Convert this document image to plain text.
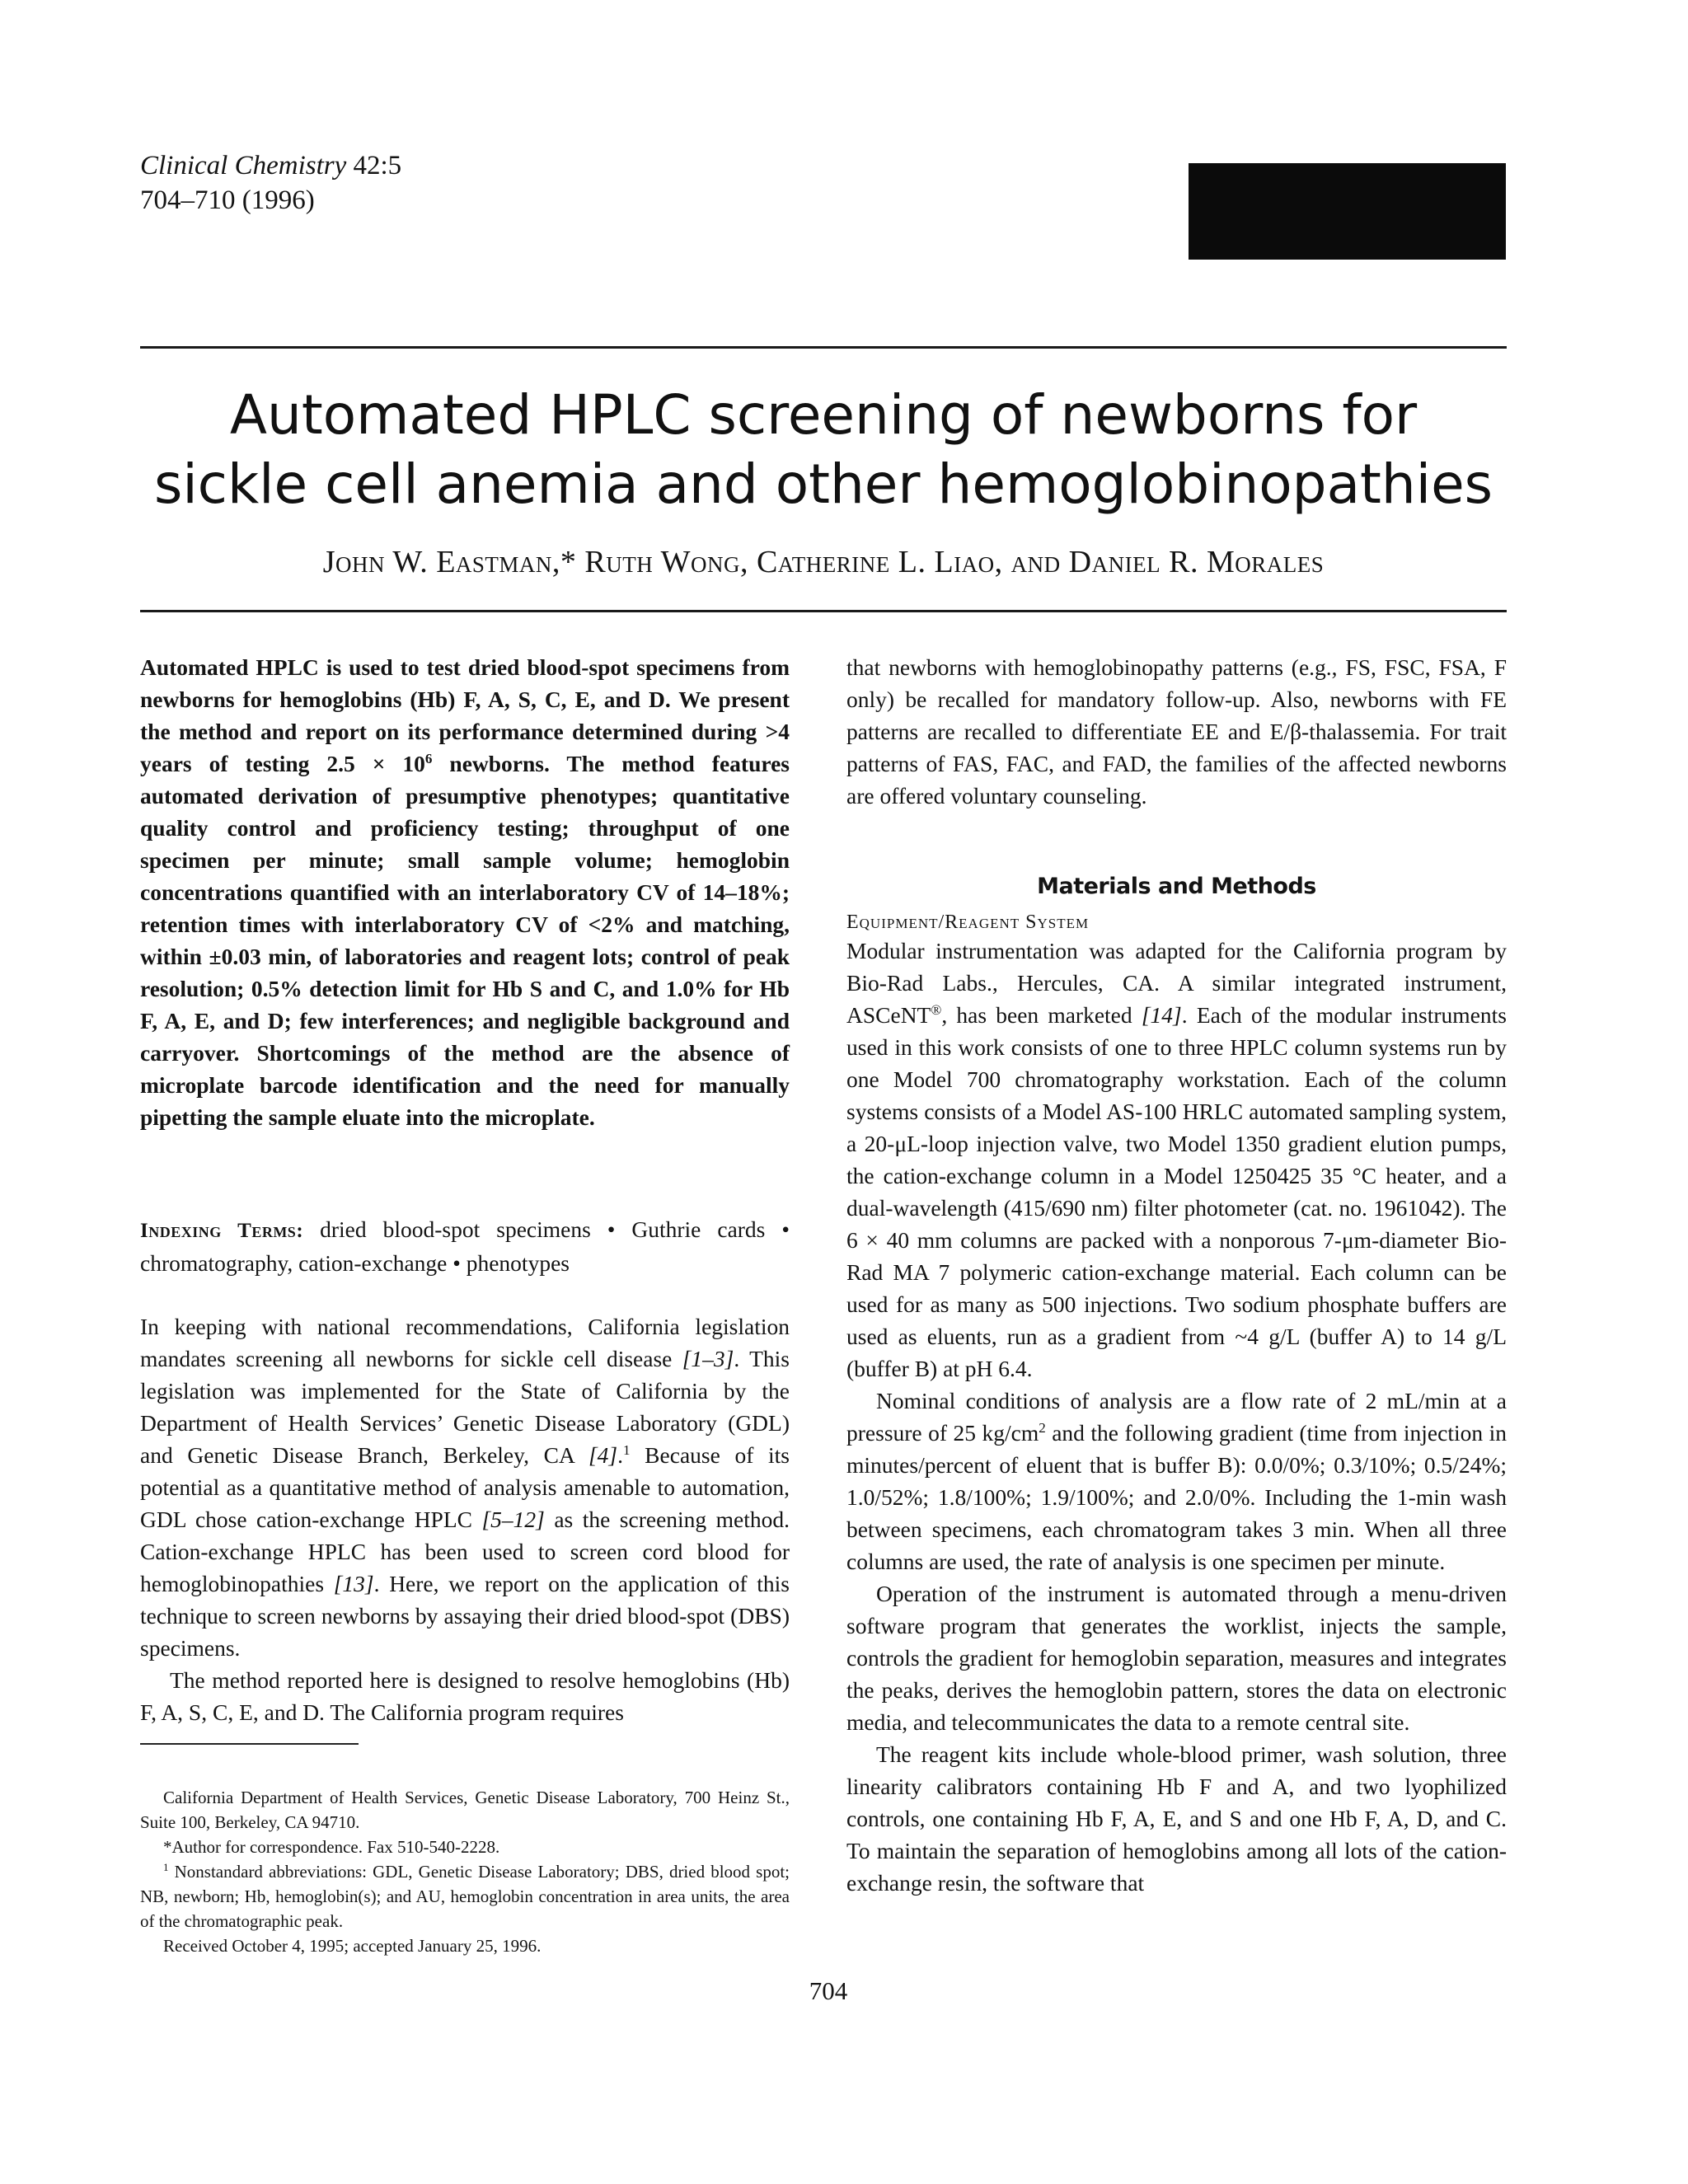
Clinical Chemistry 42:5
704–710 (1996)
Automated HPLC screening of newborns for
sickle cell anemia and other hemoglobinopathies
John W. Eastman,* Ruth Wong, Catherine L. Liao, and Daniel R. Morales

Automated HPLC is used to test dried blood-spot specimens from newborns for hemoglobins (Hb) F, A, S, C, E, and D. We present the method and report on its performance determined during >4 years of testing $2.5 \times 10^6$ newborns. The method features automated derivation of presumptive phenotypes; quantitative quality control and proficiency testing; throughput of one specimen per minute; small sample volume; hemoglobin concentrations quantified with an interlaboratory CV of 14–18%; retention times with interlaboratory CV of <2% and matching, within ±0.03 min, of laboratories and reagent lots; control of peak resolution; 0.5% detection limit for Hb S and C, and 1.0% for Hb F, A, E, and D; few interferences; and negligible background and carryover. Shortcomings of the method are the absence of microplate barcode identification and the need for manually pipetting the sample eluate into the microplate.

Indexing Terms: dried blood-spot specimens • Guthrie cards • chromatography, cation-exchange • phenotypes

In keeping with national recommendations, California legislation mandates screening all newborns for sickle cell disease [1–3]. This legislation was implemented for the State of California by the Department of Health Services’ Genetic Disease Laboratory (GDL) and Genetic Disease Branch, Berkeley, CA [4].$^1$ Because of its potential as a quantitative method of analysis amenable to automation, GDL chose cation-exchange HPLC [5–12] as the screening method. Cation-exchange HPLC has been used to screen cord blood for hemoglobinopathies [13]. Here, we report on the application of this technique to screen newborns by assaying their dried blood-spot (DBS) specimens.

The method reported here is designed to resolve hemoglobins (Hb) F, A, S, C, E, and D. The California program requires

California Department of Health Services, Genetic Disease Laboratory, 700 Heinz St., Suite 100, Berkeley, CA 94710.

*Author for correspondence. Fax 510-540-2228.

$^1$ Nonstandard abbreviations: GDL, Genetic Disease Laboratory; DBS, dried blood spot; NB, newborn; Hb, hemoglobin(s); and AU, hemoglobin concentration in area units, the area of the chromatographic peak.

Received October 4, 1995; accepted January 25, 1996.

that newborns with hemoglobinopathy patterns (e.g., FS, FSC, FSA, F only) be recalled for mandatory follow-up. Also, newborns with FE patterns are recalled to differentiate EE and E/β-thalassemia. For trait patterns of FAS, FAC, and FAD, the families of the affected newborns are offered voluntary counseling.

Materials and Methods
Equipment/Reagent System

Modular instrumentation was adapted for the California program by Bio-Rad Labs., Hercules, CA. A similar integrated instrument, ASCeNT®, has been marketed [14]. Each of the modular instruments used in this work consists of one to three HPLC column systems run by one Model 700 chromatography workstation. Each of the column systems consists of a Model AS-100 HRLC automated sampling system, a 20-μL-loop injection valve, two Model 1350 gradient elution pumps, the cation-exchange column in a Model 1250425 35 °C heater, and a dual-wavelength (415/690 nm) filter photometer (cat. no. 1961042). The 6 × 40 mm columns are packed with a nonporous 7-μm-diameter Bio-Rad MA 7 polymeric cation-exchange material. Each column can be used for as many as 500 injections. Two sodium phosphate buffers are used as eluents, run as a gradient from ~4 g/L (buffer A) to 14 g/L (buffer B) at pH 6.4.

Nominal conditions of analysis are a flow rate of 2 mL/min at a pressure of 25 $kg/cm^2$ and the following gradient (time from injection in minutes/percent of eluent that is buffer B): 0.0/0%; 0.3/10%; 0.5/24%; 1.0/52%; 1.8/100%; 1.9/100%; and 2.0/0%. Including the 1-min wash between specimens, each chromatogram takes 3 min. When all three columns are used, the rate of analysis is one specimen per minute.

Operation of the instrument is automated through a menu-driven software program that generates the worklist, injects the sample, controls the gradient for hemoglobin separation, measures and integrates the peaks, derives the hemoglobin pattern, stores the data on electronic media, and telecommunicates the data to a remote central site.

The reagent kits include whole-blood primer, wash solution, three linearity calibrators containing Hb F and A, and two lyophilized controls, one containing Hb F, A, E, and S and one Hb F, A, D, and C. To maintain the separation of hemoglobins among all lots of the cation-exchange resin, the software that

704
